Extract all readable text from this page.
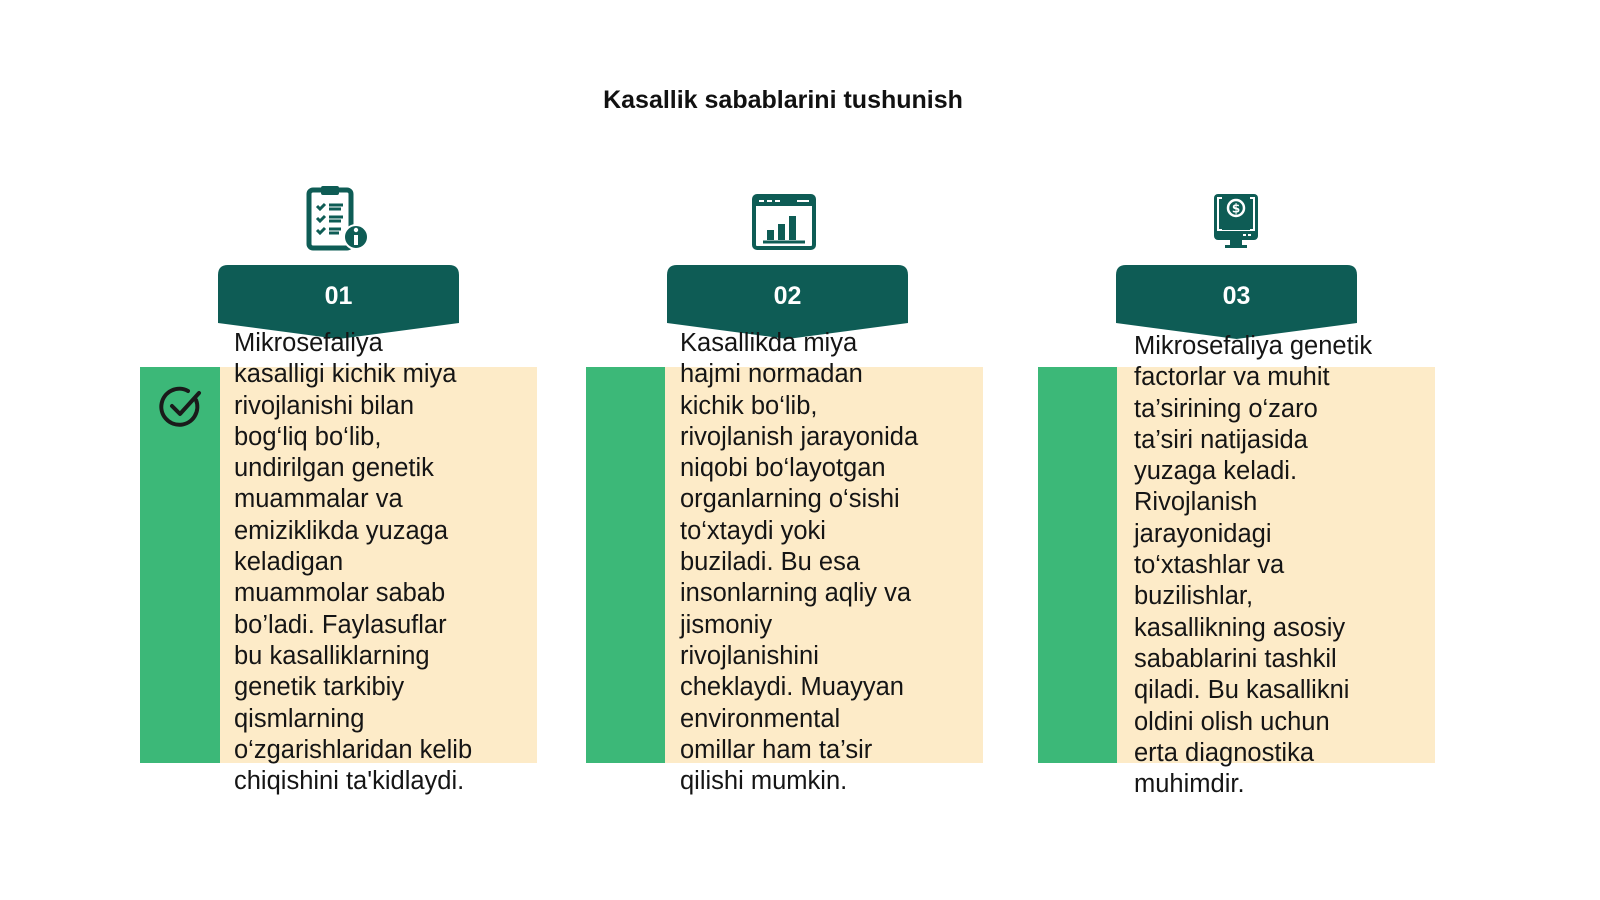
Kasallik sabablarini tushunish
$
01	02	03
Mikrosefaliya
kasalligi kichik miya
rivojlanishi bilan
bog‘liq bo‘lib,
undirilgan genetik
muammalar va
emiziklikda yuzaga
keladigan
muammolar sabab
bo’ladi. Faylasuflar
bu kasalliklarning
genetik tarkibiy
qismlarning
o‘zgarishlaridan kelib
chiqishini ta'kidlaydi.
Kasallikda miya
hajmi normadan
kichik bo‘lib,
rivojlanish jarayonida
niqobi bo‘layotgan
organlarning o‘sishi
to‘xtaydi yoki
buziladi. Bu esa
insonlarning aqliy va
jismoniy
rivojlanishini
cheklaydi. Muayyan
environmental
omillar ham ta’sir
qilishi mumkin.
Mikrosefaliya genetik
factorlar va muhit
ta’sirining o‘zaro
ta’siri natijasida
yuzaga keladi.
Rivojlanish
jarayonidagi
to‘xtashlar va
buzilishlar,
kasallikning asosiy
sabablarini tashkil
qiladi. Bu kasallikni
oldini olish uchun
erta diagnostika
muhimdir.
